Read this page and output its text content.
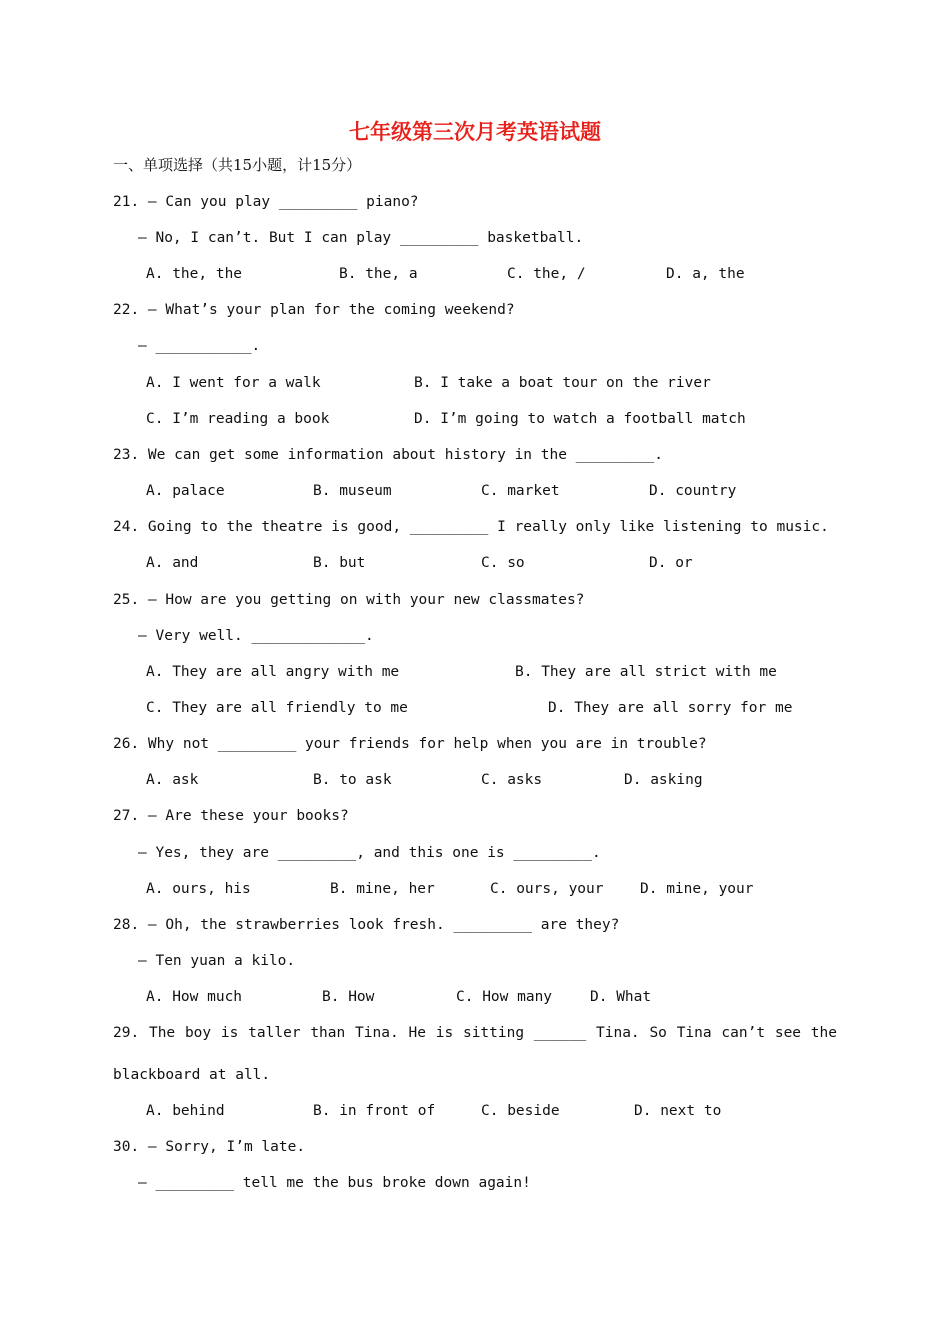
七年级第三次月考英语试题
一、单项选择（共15小题，计15分）
21. — Can you play _________ piano?
— No, I can’t. But I can play _________ basketball.
A. the, the	B. the, a	C. the, /	D. a, the
22. — What’s your plan for the coming weekend?
— ___________.
A. I went for a walk	B. I take a boat tour on the river
C. I’m reading a book	D. I’m going to watch a football match
23. We can get some information about history in the _________.
A. palace	B. museum	C. market	D. country
24. Going to the theatre is good, _________ I really only like listening to music.
A. and	B. but	C. so	D. or
25. — How are you getting on with your new classmates?
— Very well. _____________.
A. They are all angry with me	B. They are all strict with me
C. They are all friendly to me	D. They are all sorry for me
26. Why not _________ your friends for help when you are in trouble?
A. ask	B. to ask	C. asks	D. asking
27. — Are these your books?
— Yes, they are _________, and this one is _________.
A. ours, his	B. mine, her	C. ours, your	D. mine, your
28. — Oh, the strawberries look fresh. _________ are they?
— Ten yuan a kilo.
A. How much	B. How	C. How many	D. What
29. The boy is taller than Tina. He is sitting ______ Tina. So Tina can’t see the
blackboard at all.
A. behind	B. in front of	C. beside	D. next to
30. — Sorry, I’m late.
— _________ tell me the bus broke down again!
